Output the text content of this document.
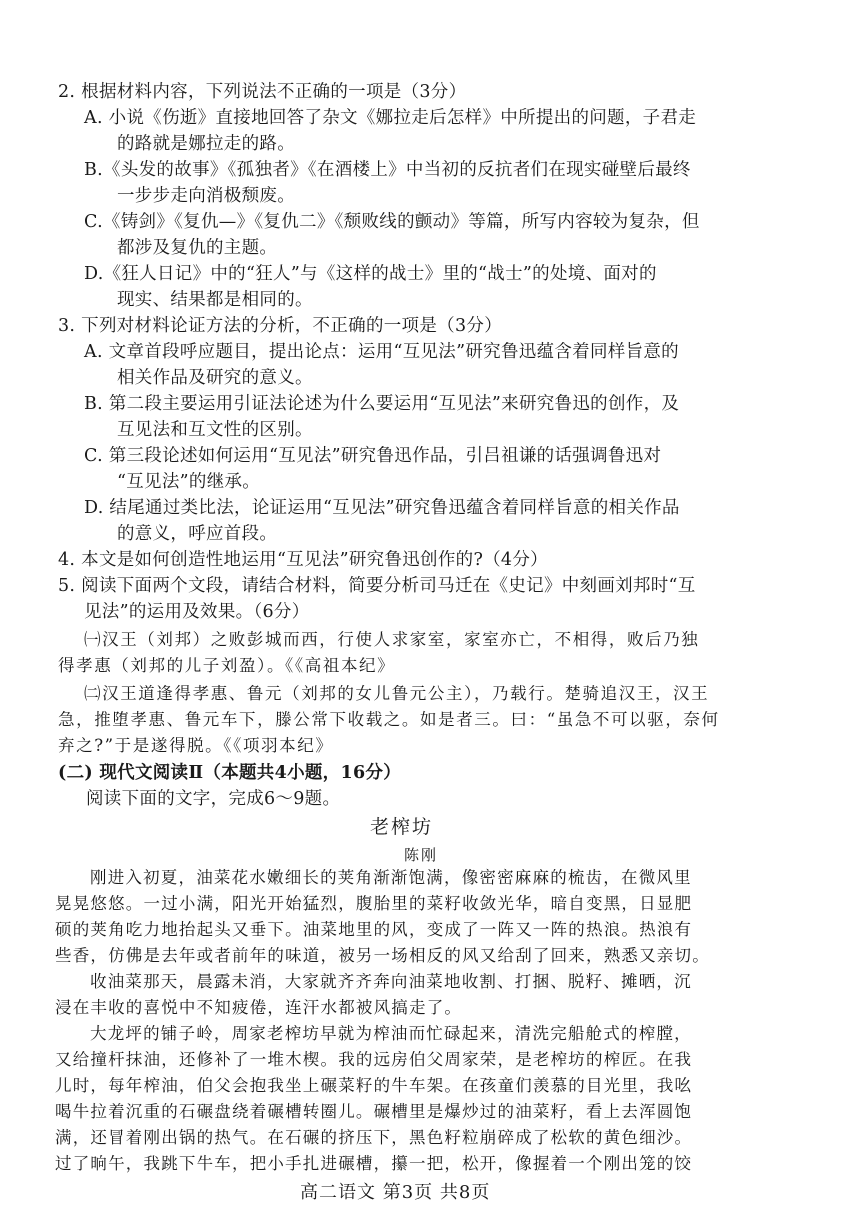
2. 根据材料内容，下列说法不正确的一项是（3分）
A. 小说《伤逝》直接地回答了杂文《娜拉走后怎样》中所提出的问题，子君走
的路就是娜拉走的路。
B.《头发的故事》《孤独者》《在酒楼上》中当初的反抗者们在现实碰壁后最终
一步步走向消极颓废。
C.《铸剑》《复仇—》《复仇二》《颓败线的颤动》等篇，所写内容较为复杂，但
都涉及复仇的主题。
D.《狂人日记》中的“狂人”与《这样的战士》里的“战士”的处境、面对的
现实、结果都是相同的。
3. 下列对材料论证方法的分析，不正确的一项是（3分）
A. 文章首段呼应题目，提出论点：运用“互见法”研究鲁迅蕴含着同样旨意的
相关作品及研究的意义。
B. 第二段主要运用引证法论述为什么要运用“互见法”来研究鲁迅的创作，及
互见法和互文性的区别。
C. 第三段论述如何运用“互见法”研究鲁迅作品，引吕祖谦的话强调鲁迅对
“互见法”的继承。
D. 结尾通过类比法，论证运用“互见法”研究鲁迅蕴含着同样旨意的相关作品
的意义，呼应首段。
4. 本文是如何创造性地运用“互见法”研究鲁迅创作的?（4分）
5. 阅读下面两个文段，请结合材料，简要分析司马迁在《史记》中刻画刘邦时“互
见法”的运用及效果。（6分）
㈠汉王（刘邦）之败彭城而西，行使人求家室，家室亦亡，不相得，败后乃独
得孝惠（刘邦的儿子刘盈）。《《高祖本纪》
㈡汉王道逢得孝惠、鲁元（刘邦的女儿鲁元公主），乃载行。楚骑追汉王，汉王
急，推堕孝惠、鲁元车下，滕公常下收载之。如是者三。曰：“虽急不可以驱，奈何
弃之?”于是遂得脱。《《项羽本纪》
(二) 现代文阅读Ⅱ（本题共4小题，16分）
阅读下面的文字，完成6～9题。
老榨坊
陈刚
刚进入初夏，油菜花水嫩细长的荚角渐渐饱满，像密密麻麻的梳齿，在微风里
晃晃悠悠。一过小满，阳光开始猛烈，腹胎里的菜籽收敛光华，暗自变黑，日显肥
硕的荚角吃力地抬起头又垂下。油菜地里的风，变成了一阵又一阵的热浪。热浪有
些香，仿佛是去年或者前年的味道，被另一场相反的风又给刮了回来，熟悉又亲切。
收油菜那天，晨露未消，大家就齐齐奔向油菜地收割、打捆、脱籽、摊晒，沉
浸在丰收的喜悦中不知疲倦，连汗水都被风搞走了。
大龙坪的铺子岭，周家老榨坊早就为榨油而忙碌起来，清洗完船舱式的榨膛，
又给撞杆抹油，还修补了一堆木楔。我的远房伯父周家荣，是老榨坊的榨匠。在我
儿时，每年榨油，伯父会抱我坐上碾菜籽的牛车架。在孩童们羡慕的目光里，我吆
喝牛拉着沉重的石碾盘绕着碾槽转圈儿。碾槽里是爆炒过的油菜籽，看上去浑圆饱
满，还冒着刚出锅的热气。在石碾的挤压下，黑色籽粒崩碎成了松软的黄色细沙。
过了晌午，我跳下牛车，把小手扎进碾槽，攥一把，松开，像握着一个刚出笼的饺
高二语文 第3页 共8页
